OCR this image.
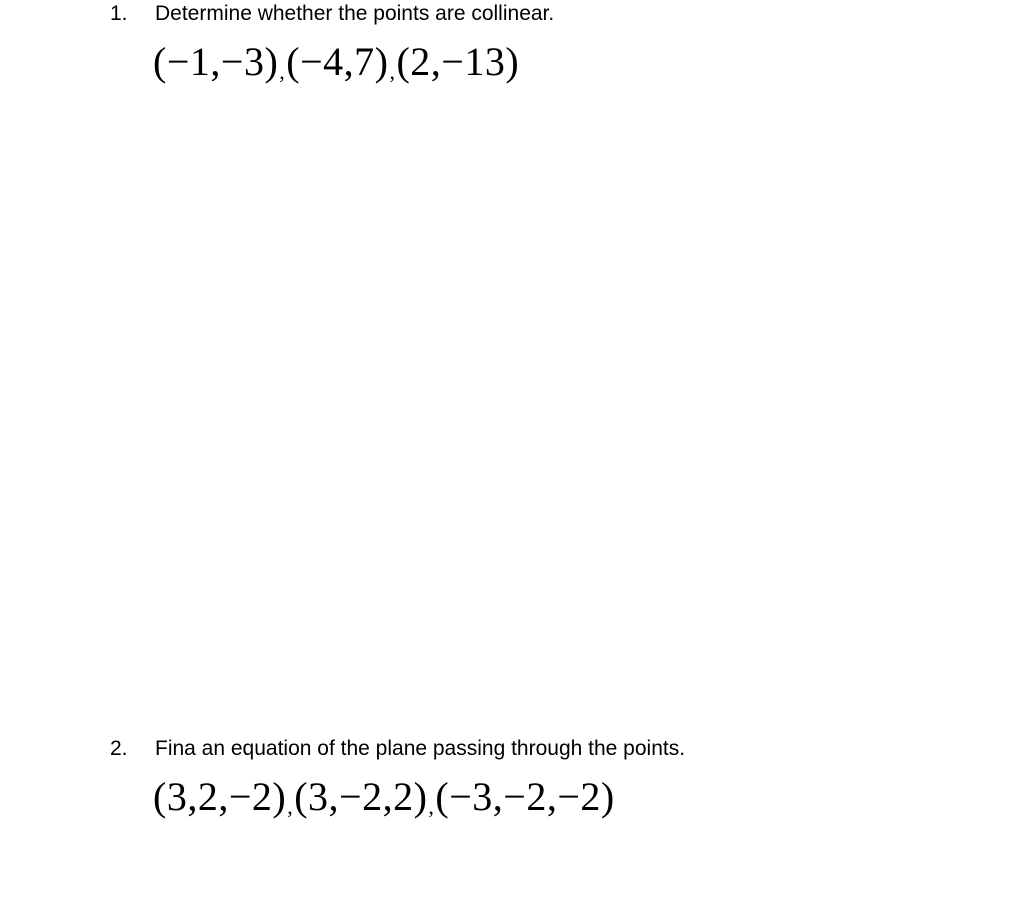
1. Determine whether the points are collinear.
(−1,−3),(−4,7),(2,−13)
2. Fina an equation of the plane passing through the points.
(3,2,−2),(3,−2,2),(−3,−2,−2)
